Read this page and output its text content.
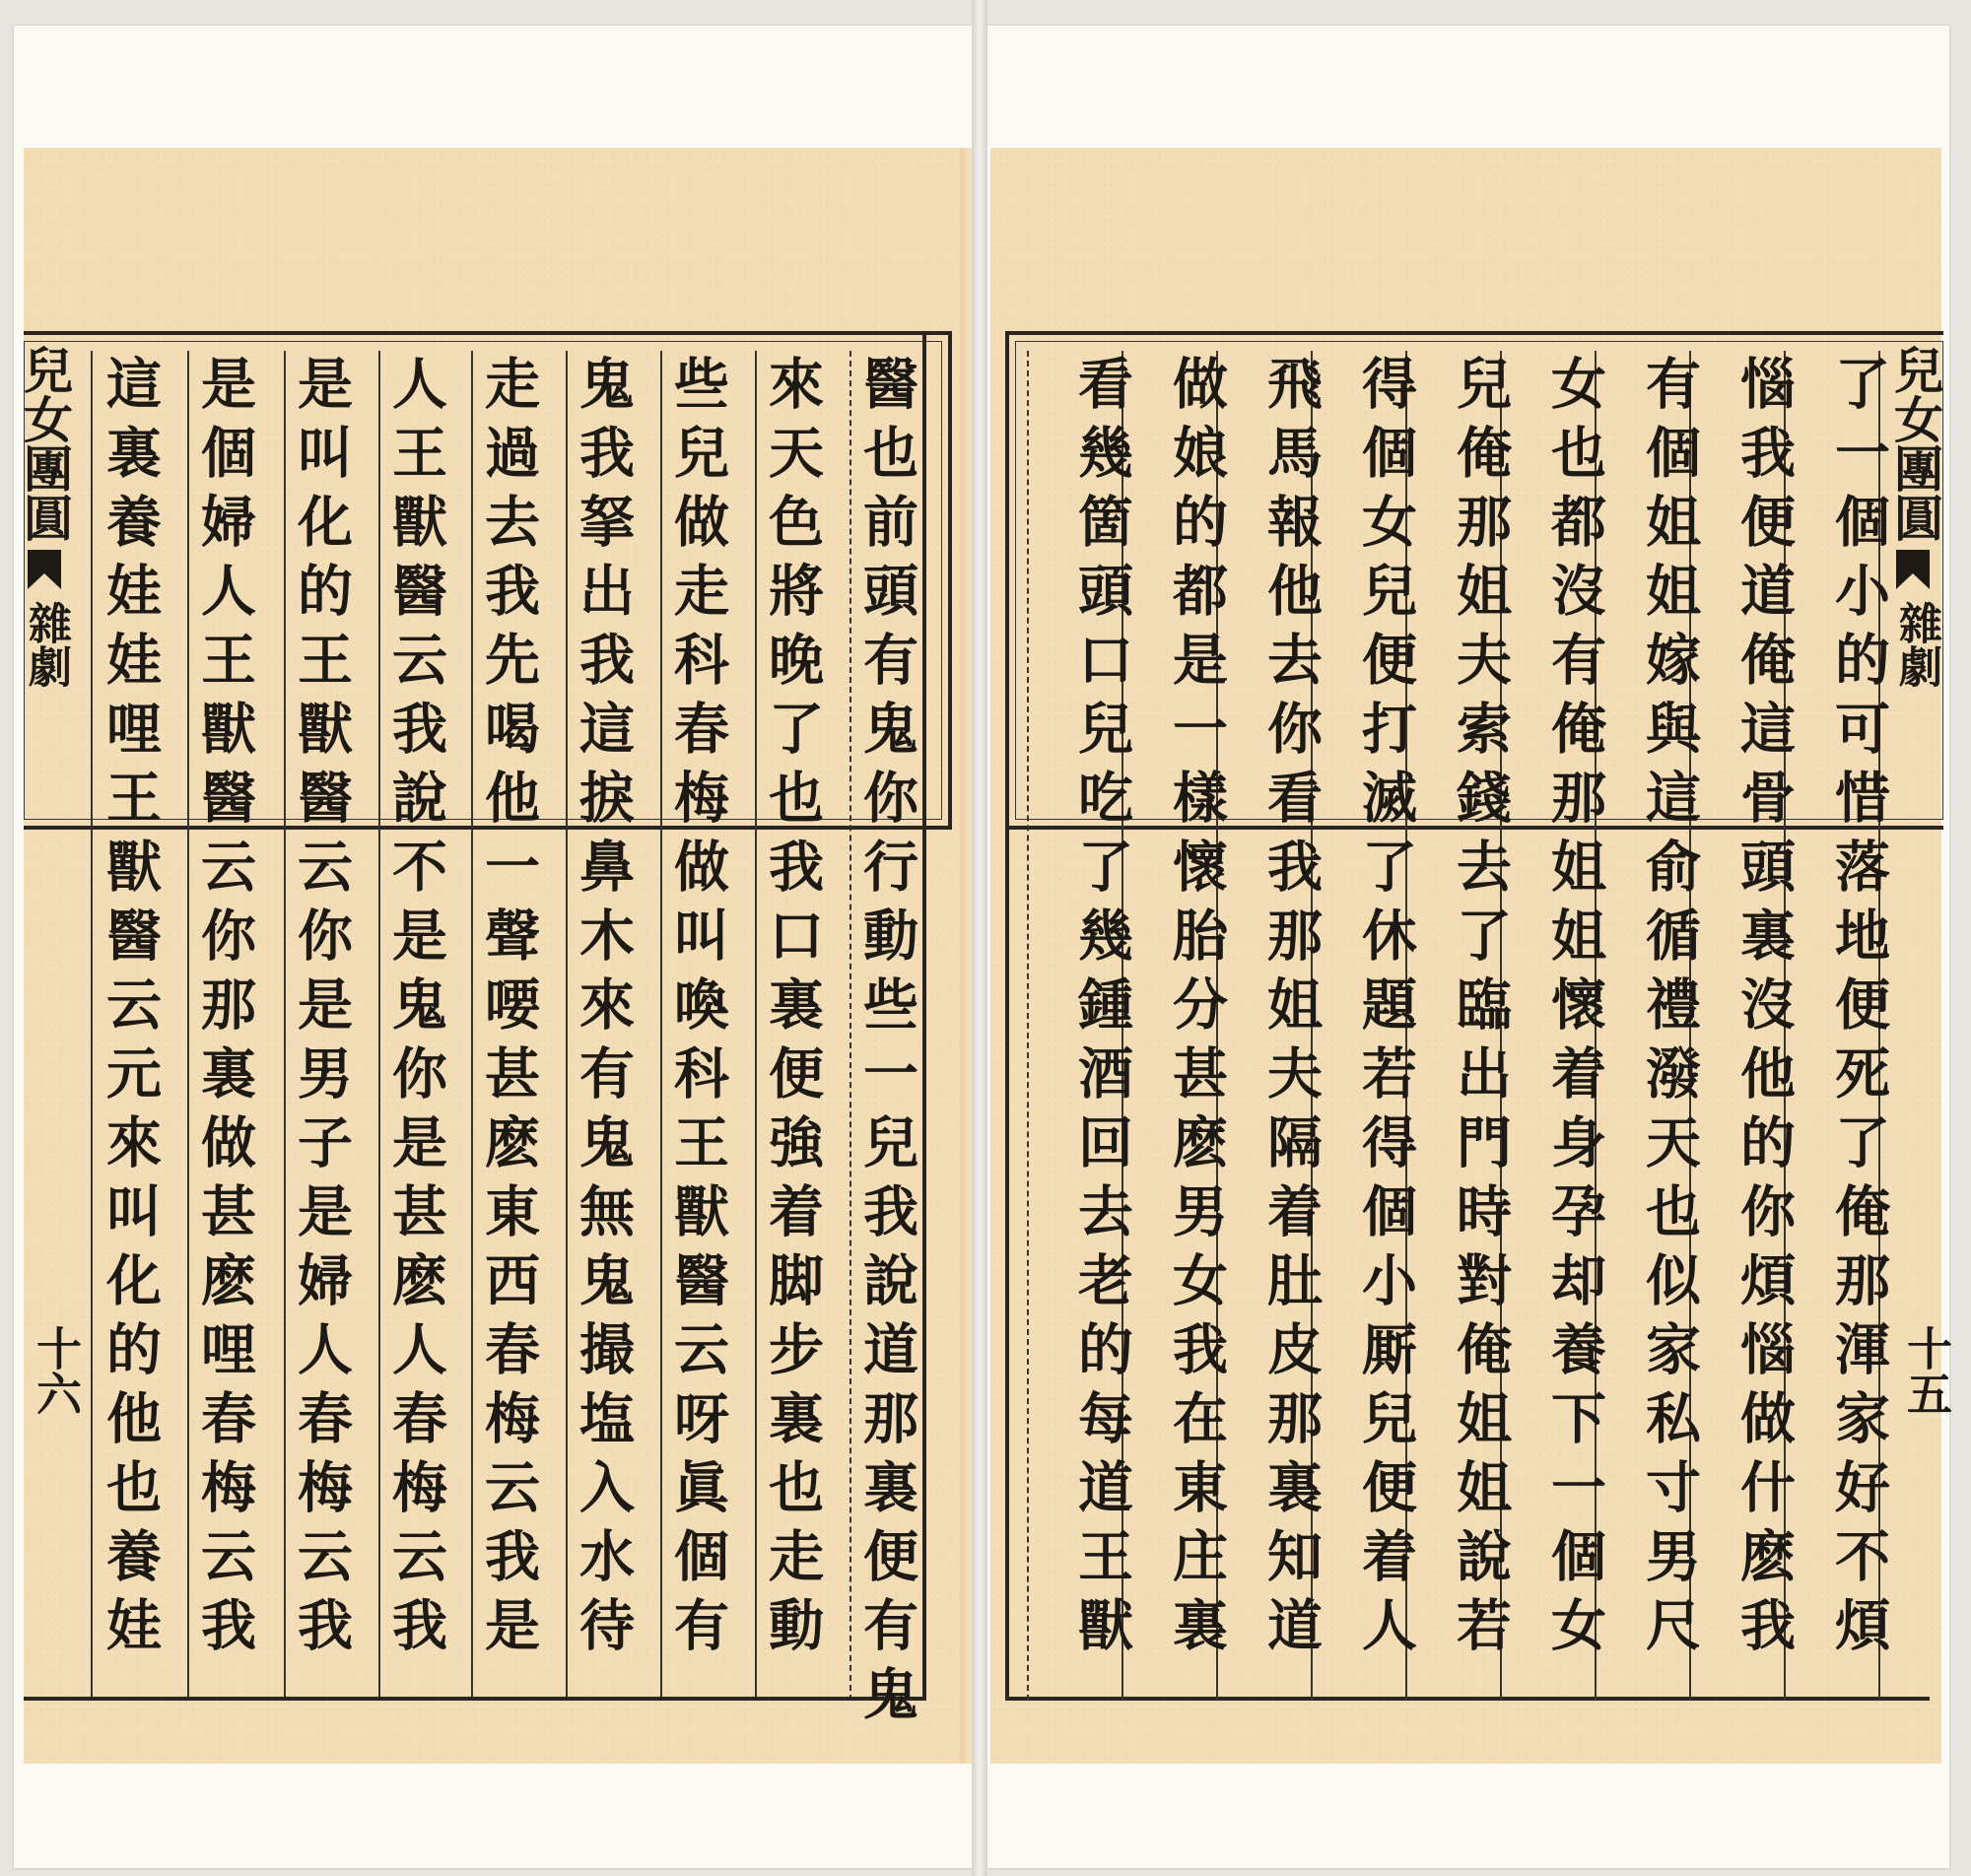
兒女團圓
雜劇
十六	醫也前頭有鬼你行動些一兒我說道那裏便有鬼
來天色將晚了也我口裏便強着脚步裏也走動
些兒做走科春梅做叫喚科王獸醫云呀眞個有
鬼我拏出我這捩鼻木來有鬼無鬼撮塩入水待
走過去我先喝他一聲喓甚麽東西春梅云我是
人王獸醫云我說不是鬼你是甚麽人春梅云我
是叫化的王獸醫云你是男子是婦人春梅云我
是個婦人王獸醫云你那裏做甚麽哩春梅云我
這裏養娃娃哩王獸醫云元來叫化的他也養娃	了一個小的可惜落地便死了俺那渾家好不煩
惱我便道俺這骨頭裏沒他的你煩惱做什麽我
有個姐姐嫁與這俞循禮潑天也似家私寸男尺
女也都沒有俺那姐姐懷着身孕却養下一個女
兒俺那姐夫索錢去了臨出門時對俺姐姐說若
得個女兒便打滅了休題若得個小厮兒便着人
飛馬報他去你看我那姐夫隔着肚皮那裏知道
做娘的都是一樣懷胎分甚麽男女我在東庄裏
看幾箇頭口兒吃了幾鍾酒回去老的每道王獸	兒女團圓
雜劇
十五
